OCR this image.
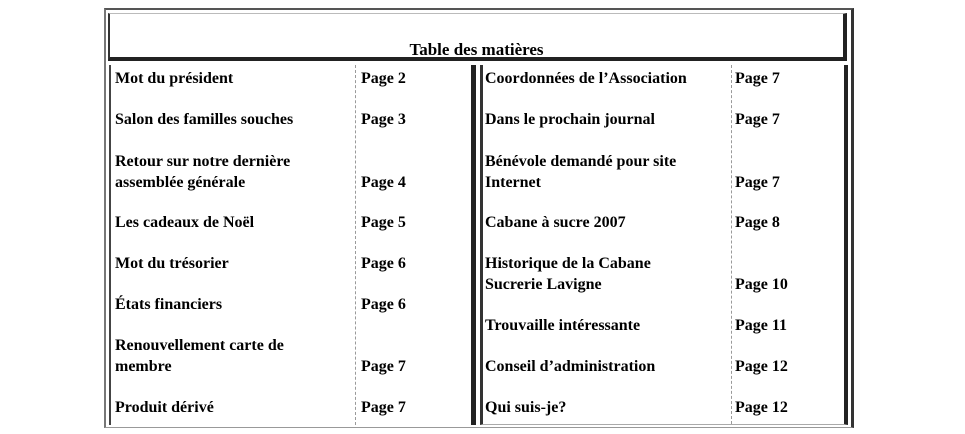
Table des matières
Mot du président	Page 2
Salon des familles souches	Page 3
Retour sur notre dernière
assemblée générale	Page 4
Les cadeaux de Noël	Page 5
Mot du trésorier	Page 6
États financiers	Page 6
Renouvellement carte de
membre	Page 7
Produit dérivé	Page 7
Coordonnées de l’Association	Page 7
Dans le prochain journal	Page 7
Bénévole demandé pour site
Internet	Page 7
Cabane à sucre 2007	Page 8
Historique de la Cabane
Sucrerie Lavigne	Page 10
Trouvaille intéressante	Page 11
Conseil d’administration	Page 12
Qui suis-je?	Page 12
